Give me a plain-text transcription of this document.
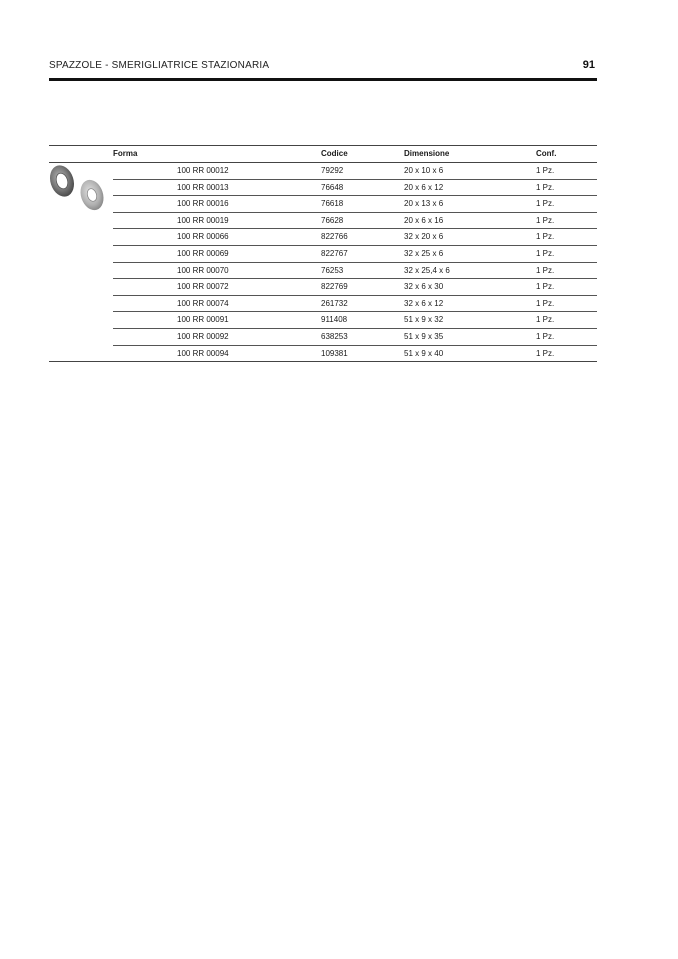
SPAZZOLE - SMERIGLIATRICE STAZIONARIA	91
Forma	Codice	Dimensione	Conf.
100 RR 00012	79292	20 x 10 x 6	1 Pz.
100 RR 00013	76648	20 x 6 x 12	1 Pz.
100 RR 00016	76618	20 x 13 x 6	1 Pz.
100 RR 00019	76628	20 x 6 x 16	1 Pz.
100 RR 00066	822766	32 x 20 x 6	1 Pz.
100 RR 00069	822767	32 x 25 x 6	1 Pz.
100 RR 00070	76253	32 x 25,4 x 6	1 Pz.
100 RR 00072	822769	32 x 6 x 30	1 Pz.
100 RR 00074	261732	32 x 6 x 12	1 Pz.
100 RR 00091	911408	51 x 9 x 32	1 Pz.
100 RR 00092	638253	51 x 9 x 35	1 Pz.
100 RR 00094	109381	51 x 9 x 40	1 Pz.
